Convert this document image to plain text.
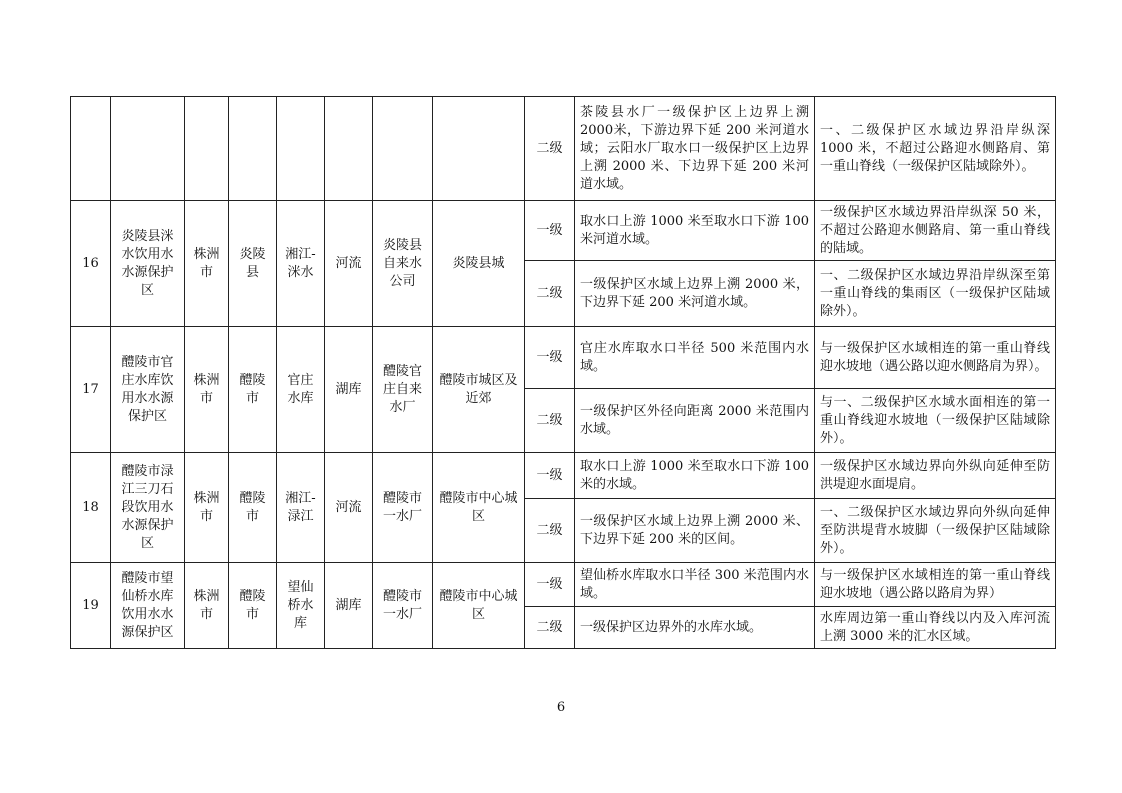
								二级	茶陵县水厂一级保护区上边界上溯 2000米，下游边界下延 200 米河道水域；云阳水厂取水口一级保护区上边界上溯 2000 米、下边界下延 200 米河道水域。	一、二级保护区水域边界沿岸纵深 1000 米，不超过公路迎水侧路肩、第一重山脊线（一级保护区陆域除外）。
16	炎陵县洣水饮用水水源保护区	株洲市	炎陵县	湘江-洣水	河流	炎陵县自来水公司	炎陵县城	一级	取水口上游 1000 米至取水口下游 100 米河道水域。	一级保护区水域边界沿岸纵深 50 米，不超过公路迎水侧路肩、第一重山脊线的陆域。
								二级	一级保护区水域上边界上溯 2000 米，下边界下延 200 米河道水域。	一、二级保护区水域边界沿岸纵深至第一重山脊线的集雨区（一级保护区陆域除外）。
17	醴陵市官庄水库饮用水水源保护区	株洲市	醴陵市	官庄水库	湖库	醴陵官庄自来水厂	醴陵市城区及近郊	一级	官庄水库取水口半径 500 米范围内水域。	与一级保护区水域相连的第一重山脊线迎水坡地（遇公路以迎水侧路肩为界）。
								二级	一级保护区外径向距离 2000 米范围内水域。	与一、二级保护区水域水面相连的第一重山脊线迎水坡地（一级保护区陆域除外）。
18	醴陵市渌江三刀石段饮用水水源保护区	株洲市	醴陵市	湘江-渌江	河流	醴陵市一水厂	醴陵市中心城区	一级	取水口上游 1000 米至取水口下游 100 米的水域。	一级保护区水域边界向外纵向延伸至防洪堤迎水面堤肩。
								二级	一级保护区水域上边界上溯 2000 米、下边界下延 200 米的区间。	一、二级保护区水域边界向外纵向延伸至防洪堤背水坡脚（一级保护区陆域除外）。
19	醴陵市望仙桥水库饮用水水源保护区	株洲市	醴陵市	望仙桥水库	湖库	醴陵市一水厂	醴陵市中心城区	一级	望仙桥水库取水口半径 300 米范围内水域。	与一级保护区水域相连的第一重山脊线迎水坡地（遇公路以路肩为界）
								二级	一级保护区边界外的水库水域。	水库周边第一重山脊线以内及入库河流上溯 3000 米的汇水区域。
6
